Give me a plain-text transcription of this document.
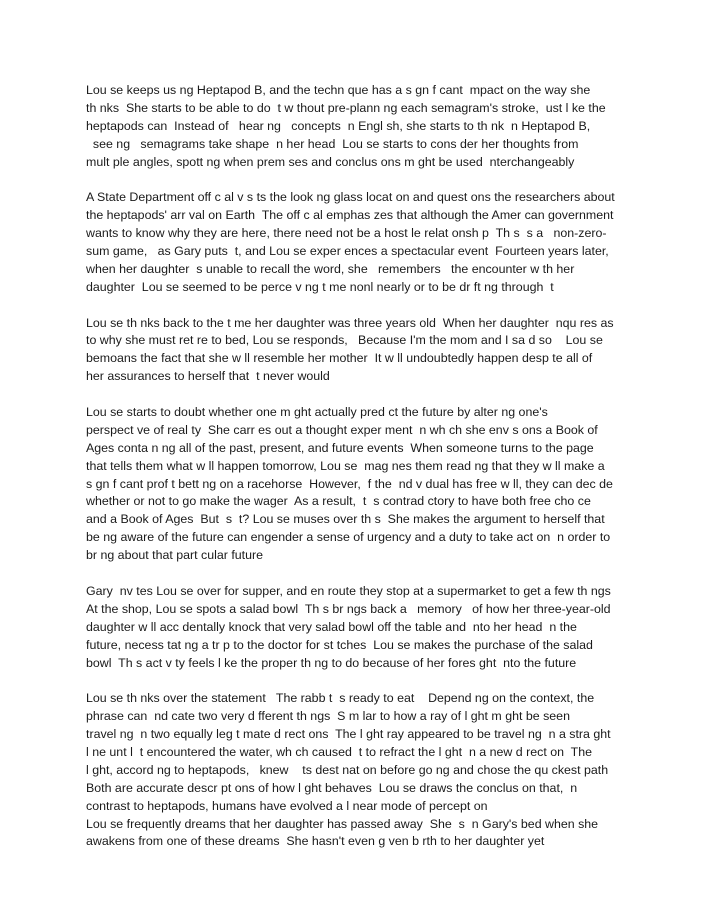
Lou se keeps us ng Heptapod B, and the techn que has a s gn f cant  mpact on the way she
th nks  She starts to be able to do  t w thout pre-plann ng each semagram's stroke,  ust l ke the
heptapods can  Instead of   hear ng   concepts  n Engl sh, she starts to th nk  n Heptapod B,
see ng   semagrams take shape  n her head  Lou se starts to cons der her thoughts from
mult ple angles, spott ng when prem ses and conclus ons m ght be used  nterchangeably
A State Department off c al v s ts the look ng glass locat on and quest ons the researchers about
the heptapods' arr val on Earth  The off c al emphas zes that although the Amer can government
wants to know why they are here, there need not be a host le relat onsh p  Th s  s a   non-zero-
sum game,   as Gary puts  t, and Lou se exper ences a spectacular event  Fourteen years later,
when her daughter  s unable to recall the word, she   remembers   the encounter w th her
daughter  Lou se seemed to be perce v ng t me nonl nearly or to be dr ft ng through  t
Lou se th nks back to the t me her daughter was three years old  When her daughter  nqu res as
to why she must ret re to bed, Lou se responds,   Because I'm the mom and I sa d so    Lou se
bemoans the fact that she w ll resemble her mother  It w ll undoubtedly happen desp te all of
her assurances to herself that  t never would
Lou se starts to doubt whether one m ght actually pred ct the future by alter ng one's
perspect ve of real ty  She carr es out a thought exper ment  n wh ch she env s ons a Book of
Ages conta n ng all of the past, present, and future events  When someone turns to the page
that tells them what w ll happen tomorrow, Lou se  mag nes them read ng that they w ll make a
s gn f cant prof t bett ng on a racehorse  However,  f the  nd v dual has free w ll, they can dec de
whether or not to go make the wager  As a result,  t  s contrad ctory to have both free cho ce
and a Book of Ages  But  s  t? Lou se muses over th s  She makes the argument to herself that
be ng aware of the future can engender a sense of urgency and a duty to take act on  n order to
br ng about that part cular future
Gary  nv tes Lou se over for supper, and en route they stop at a supermarket to get a few th ngs
At the shop, Lou se spots a salad bowl  Th s br ngs back a   memory   of how her three-year-old
daughter w ll acc dentally knock that very salad bowl off the table and  nto her head  n the
future, necess tat ng a tr p to the doctor for st tches  Lou se makes the purchase of the salad
bowl  Th s act v ty feels l ke the proper th ng to do because of her fores ght  nto the future
Lou se th nks over the statement   The rabb t  s ready to eat    Depend ng on the context, the
phrase can  nd cate two very d fferent th ngs  S m lar to how a ray of l ght m ght be seen
travel ng  n two equally leg t mate d rect ons  The l ght ray appeared to be travel ng  n a stra ght
l ne unt l  t encountered the water, wh ch caused  t to refract the l ght  n a new d rect on  The
l ght, accord ng to heptapods,   knew    ts dest nat on before go ng and chose the qu ckest path
Both are accurate descr pt ons of how l ght behaves  Lou se draws the conclus on that,  n
contrast to heptapods, humans have evolved a l near mode of percept on
Lou se frequently dreams that her daughter has passed away  She  s  n Gary's bed when she
awakens from one of these dreams  She hasn't even g ven b rth to her daughter yet
